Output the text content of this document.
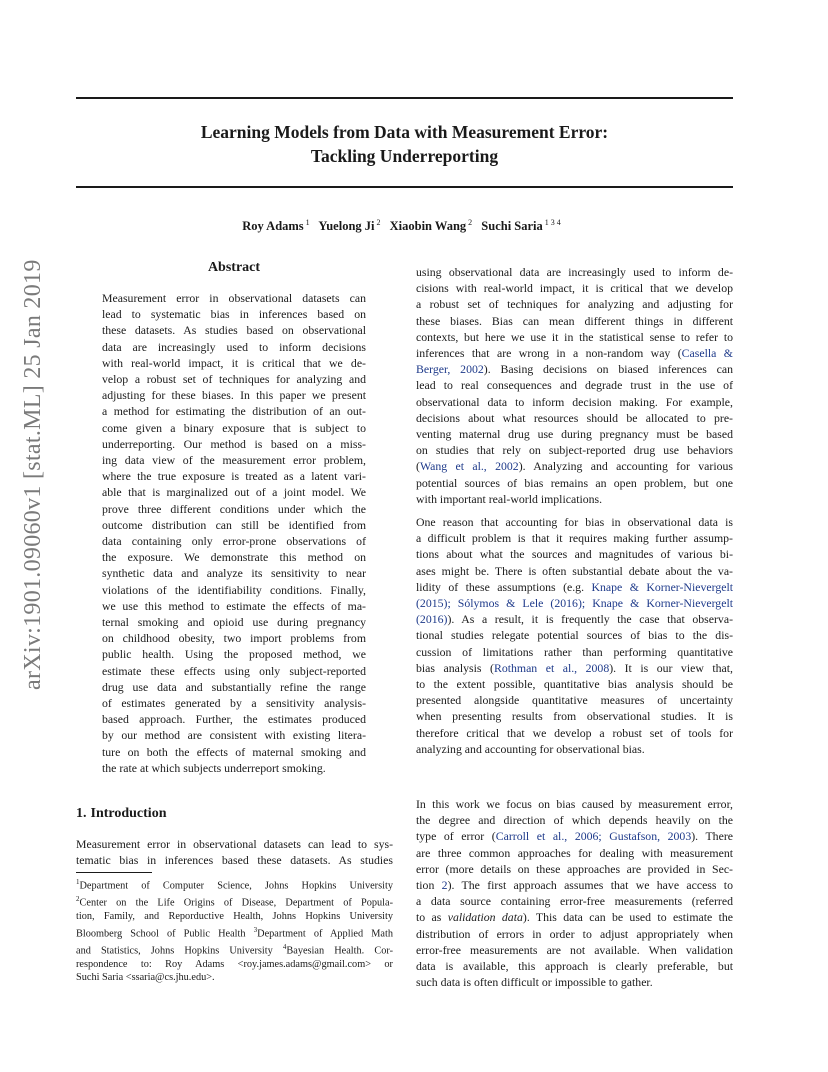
Learning Models from Data with Measurement Error:
Tackling Underreporting
Roy Adams $^1$ Yuelong Ji $^2$ Xiaobin Wang $^2$ Suchi Saria $^{1 3 4}$
arXiv:1901.09060v1 [stat.ML] 25 Jan 2019	Abstract
Measurement error in observational datasets can
lead to systematic bias in inferences based on
these datasets. As studies based on observational
data are increasingly used to inform decisions
with real-world impact, it is critical that we de-
velop a robust set of techniques for analyzing and
adjusting for these biases. In this paper we present
a method for estimating the distribution of an out-
come given a binary exposure that is subject to
underreporting. Our method is based on a miss-
ing data view of the measurement error problem,
where the true exposure is treated as a latent vari-
able that is marginalized out of a joint model. We
prove three different conditions under which the
outcome distribution can still be identified from
data containing only error-prone observations of
the exposure. We demonstrate this method on
synthetic data and analyze its sensitivity to near
violations of the identifiability conditions. Finally,
we use this method to estimate the effects of ma-
ternal smoking and opioid use during pregnancy
on childhood obesity, two import problems from
public health. Using the proposed method, we
estimate these effects using only subject-reported
drug use data and substantially refine the range
of estimates generated by a sensitivity analysis-
based approach. Further, the estimates produced
by our method are consistent with existing litera-
ture on both the effects of maternal smoking and
the rate at which subjects underreport smoking.
1. Introduction
Measurement error in observational datasets can lead to sys-
tematic bias in inferences based these datasets. As studies
$^1$Department of Computer Science, Johns Hopkins University
$^2$Center on the Life Origins of Disease, Department of Popula-
tion, Family, and Reporductive Health, Johns Hopkins University
Bloomberg School of Public Health $^3$Department of Applied Math
and Statistics, Johns Hopkins University $^4$Bayesian Health. Cor-
respondence to: Roy Adams <roy.james.adams@gmail.com> or
Suchi Saria <ssaria@cs.jhu.edu>.
using observational data are increasingly used to inform de-
cisions with real-world impact, it is critical that we develop
a robust set of techniques for analyzing and adjusting for
these biases. Bias can mean different things in different
contexts, but here we use it in the statistical sense to refer to
inferences that are wrong in a non-random way (Casella &
Berger, 2002). Basing decisions on biased inferences can
lead to real consequences and degrade trust in the use of
observational data to inform decision making. For example,
decisions about what resources should be allocated to pre-
venting maternal drug use during pregnancy must be based
on studies that rely on subject-reported drug use behaviors
(Wang et al., 2002). Analyzing and accounting for various
potential sources of bias remains an open problem, but one
with important real-world implications.
One reason that accounting for bias in observational data is
a difficult problem is that it requires making further assump-
tions about what the sources and magnitudes of various bi-
ases might be. There is often substantial debate about the va-
lidity of these assumptions (e.g. Knape & Korner-Nievergelt
(2015); Sólymos & Lele (2016); Knape & Korner-Nievergelt
(2016)). As a result, it is frequently the case that observa-
tional studies relegate potential sources of bias to the dis-
cussion of limitations rather than performing quantitative
bias analysis (Rothman et al., 2008). It is our view that,
to the extent possible, quantitative bias analysis should be
presented alongside quantitative measures of uncertainty
when presenting results from observational studies. It is
therefore critical that we develop a robust set of tools for
analyzing and accounting for observational bias.
In this work we focus on bias caused by measurement error,
the degree and direction of which depends heavily on the
type of error (Carroll et al., 2006; Gustafson, 2003). There
are three common approaches for dealing with measurement
error (more details on these approaches are provided in Sec-
tion 2). The first approach assumes that we have access to
a data source containing error-free measurements (referred
to as validation data). This data can be used to estimate the
distribution of errors in order to adjust appropriately when
error-free measurements are not available. When validation
data is available, this approach is clearly preferable, but
such data is often difficult or impossible to gather.
